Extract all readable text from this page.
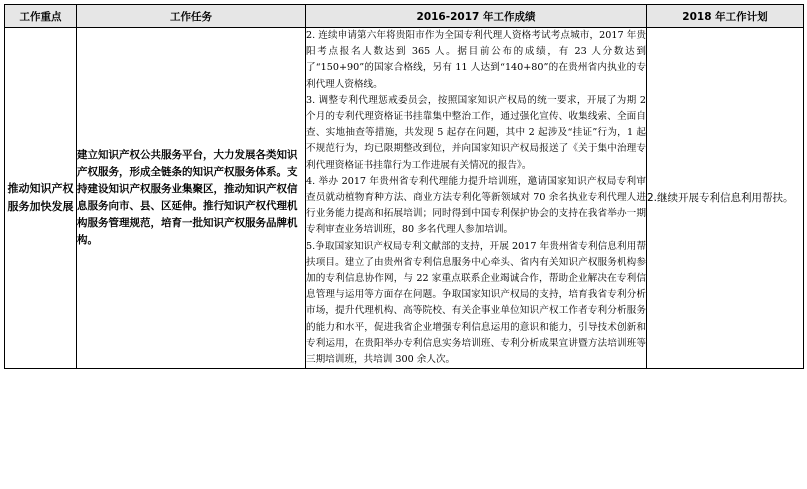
工作重点	工作任务	2016-2017 年工作成绩	2018 年工作计划
推动知识产权服务加快发展	建立知识产权公共服务平台，大力发展各类知识产权服务，形成全链条的知识产权服务体系。支持建设知识产权服务业集聚区，推动知识产权信息服务向市、县、区延伸。推行知识产权代理机构服务管理规范，培育一批知识产权服务品牌机构。	2. 连续申请第六年将贵阳市作为全国专利代理人资格考试考点城市，2017 年贵阳考点报名人数达到 365 人。据目前公布的成绩，有 23 人分数达到了“150+90”的国家合格线，另有 11 人达到“140+80”的在贵州省内执业的专利代理人资格线。

3. 调整专利代理惩戒委员会，按照国家知识产权局的统一要求，开展了为期 2 个月的专利代理资格证书挂靠集中整治工作，通过强化宣传、收集线索、全面自查、实地抽查等措施，共发现 5 起存在问题，其中 2 起涉及“挂证”行为，1 起不规范行为，均已限期整改到位，并向国家知识产权局报送了《关于集中治理专利代理资格证书挂靠行为工作进展有关情况的报告》。

4. 举办 2017 年贵州省专利代理能力提升培训班，邀请国家知识产权局专利审查员就动植物育种方法、商业方法专利化等新领域对 70 余名执业专利代理人进行业务能力提高和拓展培训；同时得到中国专利保护协会的支持在我省举办一期专利审查业务培训班，80 多名代理人参加培训。

5.争取国家知识产权局专利文献部的支持，开展 2017 年贵州省专利信息利用帮扶项目。建立了由贵州省专利信息服务中心牵头、省内有关知识产权服务机构参加的专利信息协作网，与 22 家重点联系企业竭诚合作，帮助企业解决在专利信息管理与运用等方面存在问题。争取国家知识产权局的支持，培育我省专利分析市场，提升代理机构、高等院校、有关企事业单位知识产权工作者专利分析服务的能力和水平，促进我省企业增强专利信息运用的意识和能力，引导技术创新和专利运用，在贵阳举办专利信息实务培训班、专利分析成果宣讲暨方法培训班等三期培训班，共培训 300 余人次。	2.继续开展专利信息利用帮扶。
